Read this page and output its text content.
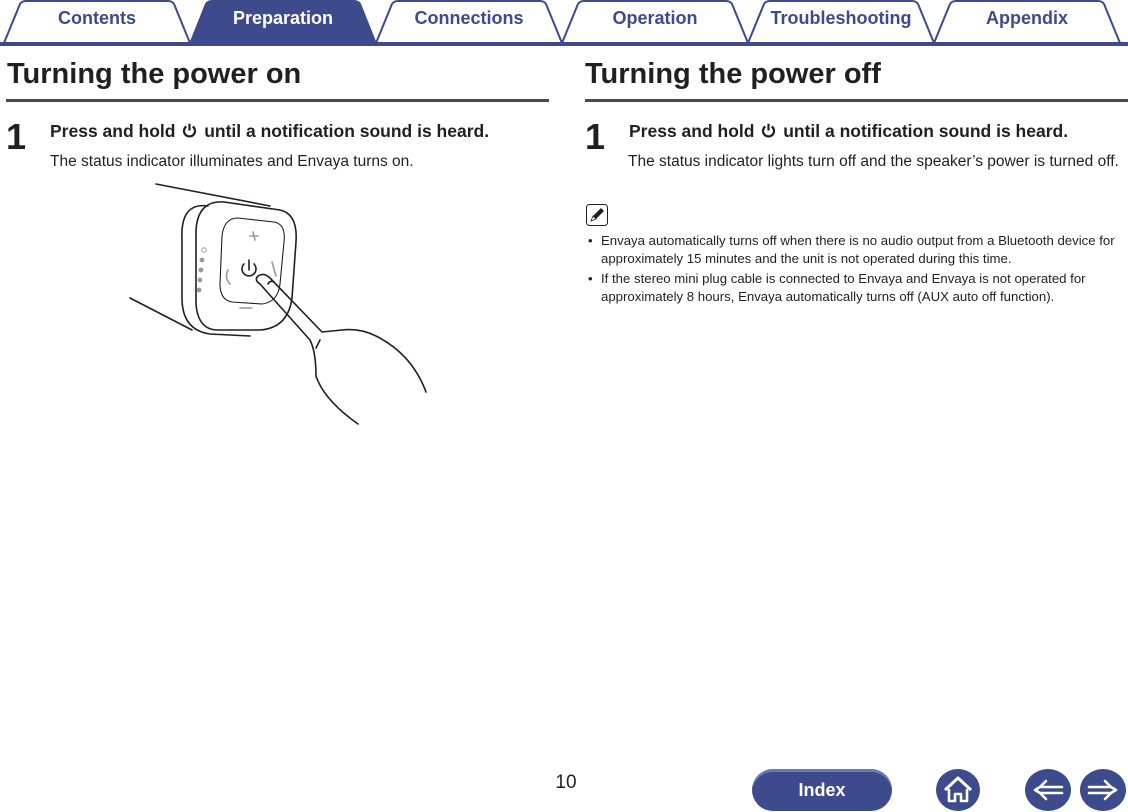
Contents	Preparation	Connections	Operation	Troubleshooting	Appendix
Turning the power on
1 Press and hold until a notification sound is heard.
The status indicator illuminates and Envaya turns on.
Turning the power off
1 Press and hold until a notification sound is heard.
The status indicator lights turn off and the speaker’s power is turned off.
• Envaya automatically turns off when there is no audio output from a Bluetooth device for approximately 15 minutes and the unit is not operated during this time.
• If the stereo mini plug cable is connected to Envaya and Envaya is not operated for approximately 8 hours, Envaya automatically turns off (AUX auto off function).
10	Index
